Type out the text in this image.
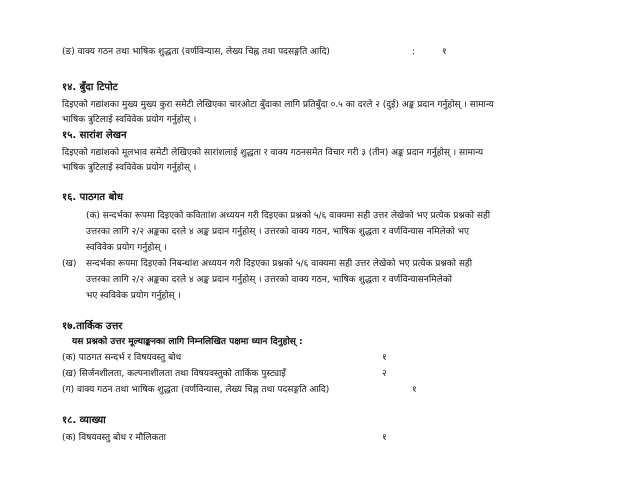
(ङ) वाक्य गठन तथा भाषिक शुद्धता (वर्णविन्यास, लेख्य चिह्न तथा पदसङ्गति आदि)	:	१
१४. बुँदा टिपोट
दिइएको गद्यांशका मुख्य मुख्य कुरा समेटी लेखिएका चारओटा बुँदाका लागि प्रतिबुँदा ०.५ का दरले २ (दुई) अङ्क प्रदान गर्नुहोस् । सामान्य
भाषिक त्रुटिलाई स्वविवेक प्रयोग गर्नुहोस् ।
१५. सारांश लेखन
दिइएको गद्यांशको मूलभाव समेटी लेखिएको सारांशलाई शुद्धता र वाक्य गठनसमेत विचार गरी ३ (तीन) अङ्क प्रदान गर्नुहोस् । सामान्य
भाषिक त्रुटिलाई स्वविवेक प्रयोग गर्नुहोस् ।
१६. पाठगत बोध
(क) सन्दर्भका रूपमा दिइएको कविताांश अध्ययन गरी दिइएका प्रश्नको ५/६ वाक्यमा सही उत्तर लेखेको भए प्रत्येक प्रश्नको सही
उत्तरका लागि २/२ अङ्कका दरले ४ अङ्क प्रदान गर्नुहोस् । उत्तरको वाक्य गठन, भाषिक शुद्धता र वर्णविन्यास नमिलेको भए
स्वविवेक प्रयोग गर्नुहोस् ।
(ख) सन्दर्भका रूपमा दिइएको निबन्धांश अध्ययन गरी दिइएका प्रश्नको ५/६ वाक्यमा सही उत्तर लेखेको भए प्रत्येक प्रश्नको सही
उत्तरका लागि २/२ अङ्कका दरले ४ अङ्क प्रदान गर्नुहोस् । उत्तरको वाक्य गठन, भाषिक शुद्धता र वर्णविन्यासनमिलेको
भए स्वविवेक प्रयोग गर्नुहोस् ।
१७.तार्किक उत्तर
यस प्रश्नको उत्तर मूल्याङ्कनका लागि निम्नलिखित पक्षमा ध्यान दिनुहोस् :
(क) पाठगत सन्दर्भ र विषयवस्तु बोध	१
(ख) सिर्जनशीलता, कल्पनाशीलता तथा विषयवस्तुको तार्किक पुस्ट्याइँ	२
(ग) वाक्य गठन तथा भाषिक शुद्धता (वर्णविन्यास, लेख्य चिह्न तथा पदसङ्गति आदि)	१
१८. व्याख्या
(क) विषयवस्तु बोध र मौलिकता	१
